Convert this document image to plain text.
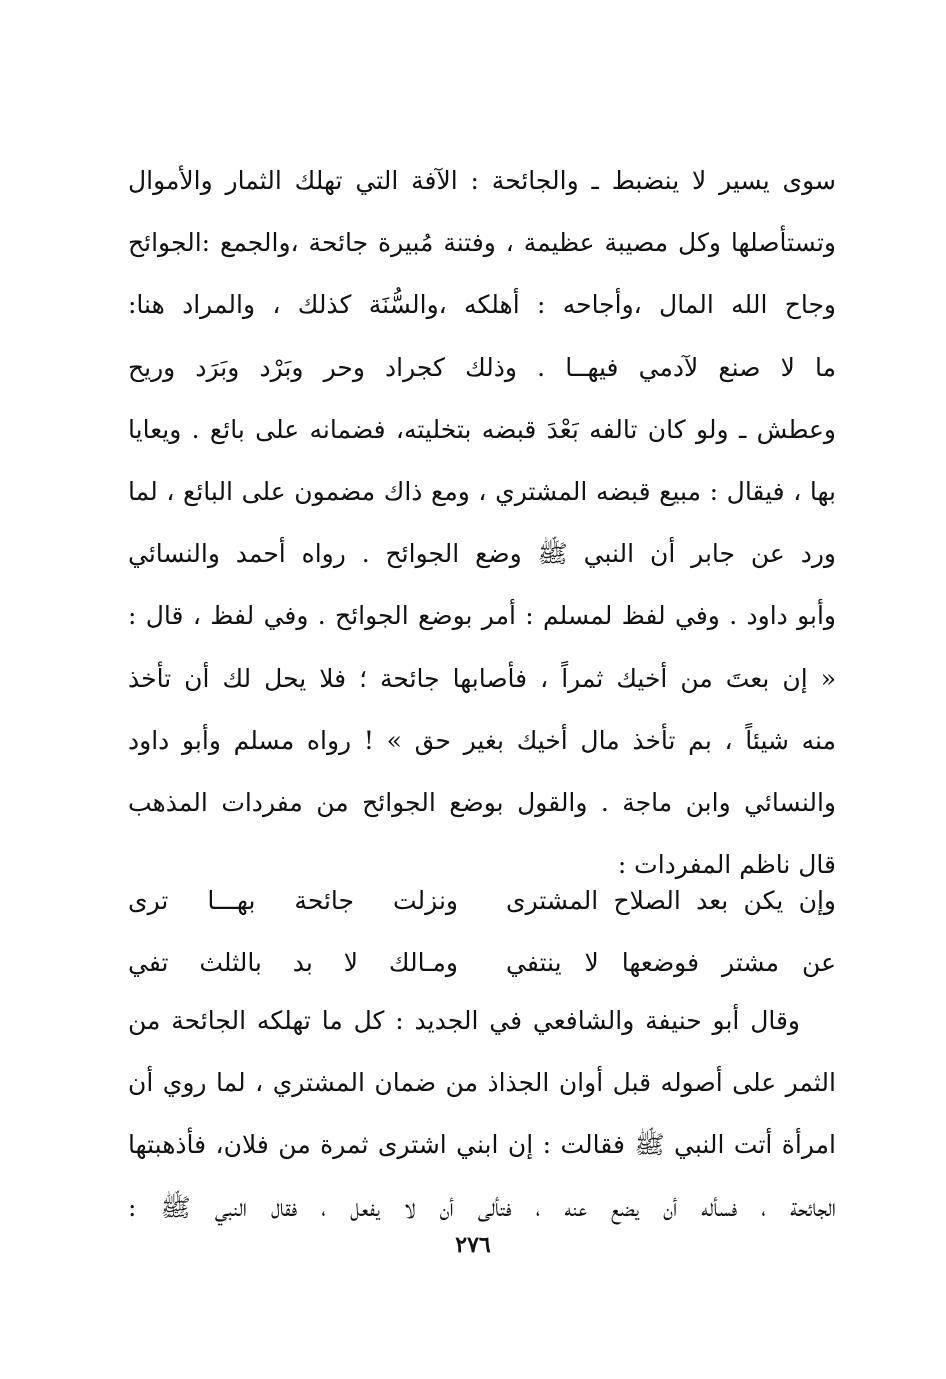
سوى يسير لا ينضبط ـ والجائحة : الآفة التي تهلك الثمار والأموال
وتستأصلها وكل مصيبة عظيمة ، وفتنة مُبيرة جائحة ،والجمع :الجوائح
وجاح الله المال ،وأجاحه : أهلكه ،والسُّنَة كذلك ، والمراد هنا:
ما لا صنع لآدمي فيهــا . وذلك كجراد وحر وبَرْد وبَرَد وريح
وعطش ـ ولو كان تالفه بَعْدَ قبضه بتخليته، فضمانه على بائع . ويعايا
بها ، فيقال : مبيع قبضه المشتري ، ومع ذاك مضمون على البائع ، لما
ورد عن جابر أن النبي ﷺ وضع الجوائح . رواه أحمد والنسائي
وأبو داود . وفي لفظ لمسلم : أمر بوضع الجوائح . وفي لفظ ، قال :
« إن بعتَ من أخيك ثمراً ، فأصابها جائحة ؛ فلا يحل لك أن تأخذ
منه شيئاً ، بم تأخذ مال أخيك بغير حق » ! رواه مسلم وأبو داود
والنسائي وابن ماجة . والقول بوضع الجوائح من مفردات المذهب
قال ناظم المفردات :
وإن يكن بعد الصلاح المشترى
ونزلت جائحة بهـــا ترى
عن مشتر فوضعها لا ينتفي
ومـالك لا بد بالثلث تفي
وقال أبو حنيفة والشافعي في الجديد : كل ما تهلكه الجائحة من
الثمر على أصوله قبل أوان الجذاذ من ضمان المشتري ، لما روي أن
امرأة أتت النبي ﷺ فقالت : إن ابني اشترى ثمرة من فلان، فأذهبتها
الجائحة ، فسأله أن يضع عنه ، فتألى أن لا يفعل ، فقال النبي ﷺ :
٢٧٦
